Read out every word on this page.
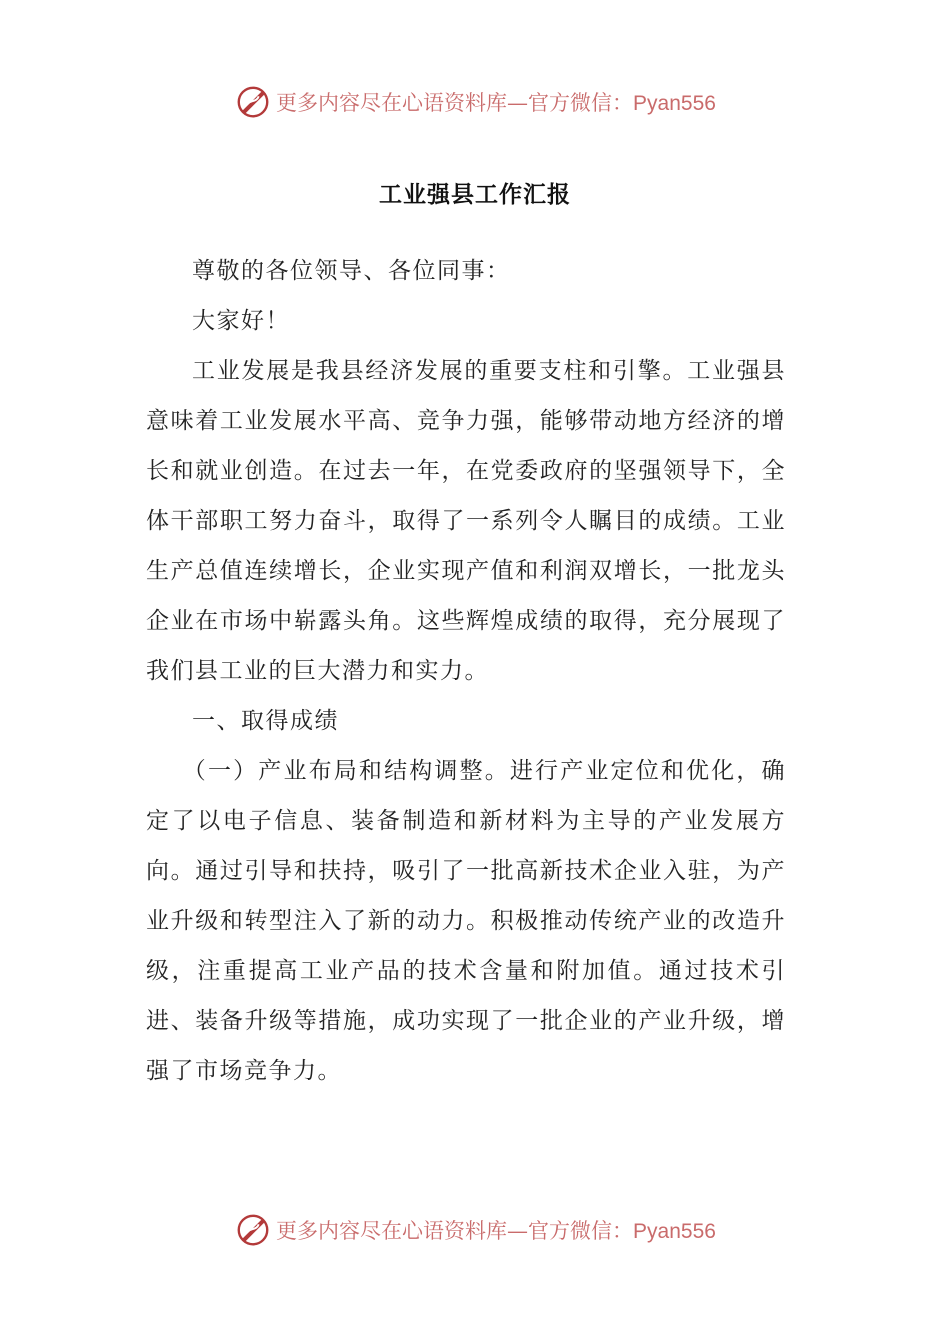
更多内容尽在心语资料库—官方微信：Pyan556
工业强县工作汇报

尊敬的各位领导、各位同事：

大家好！

工业发展是我县经济发展的重要支柱和引擎。工业强县意味着工业发展水平高、竞争力强，能够带动地方经济的增长和就业创造。在过去一年，在党委政府的坚强领导下，全体干部职工努力奋斗，取得了一系列令人瞩目的成绩。工业生产总值连续增长，企业实现产值和利润双增长，一批龙头企业在市场中崭露头角。这些辉煌成绩的取得，充分展现了我们县工业的巨大潜力和实力。

一、取得成绩

（一）产业布局和结构调整。进行产业定位和优化，确定了以电子信息、装备制造和新材料为主导的产业发展方向。通过引导和扶持，吸引了一批高新技术企业入驻，为产业升级和转型注入了新的动力。积极推动传统产业的改造升级，注重提高工业产品的技术含量和附加值。通过技术引进、装备升级等措施，成功实现了一批企业的产业升级，增强了市场竞争力。

更多内容尽在心语资料库—官方微信：Pyan556
